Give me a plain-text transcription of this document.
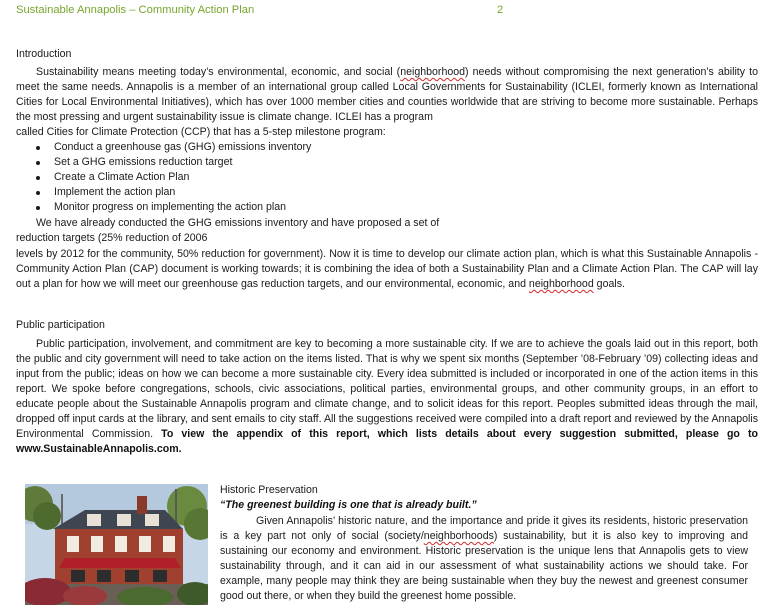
Sustainable Annapolis – Community Action Plan	2
Introduction
Sustainability means meeting today’s environmental, economic, and social (neighborhood) needs without compromising the next generation’s ability to meet the same needs. Annapolis is a member of an international group called Local Governments for Sustainability (ICLEI, formerly known as International Cities for Local Environmental Initiatives), which has over 1000 member cities and counties worldwide that are striving to become more sustainable. Perhaps the most pressing and urgent sustainability issue is climate change. ICLEI has a program
called Cities for Climate Protection (CCP) that has a 5-step milestone program:
Conduct a greenhouse gas (GHG) emissions inventory
Set a GHG emissions reduction target
Create a Climate Action Plan
Implement the action plan
Monitor progress on implementing the action plan
We have already conducted the GHG emissions inventory and have proposed a set of
reduction targets (25% reduction of 2006
levels by 2012 for the community, 50% reduction for government). Now it is time to develop our climate action plan, which is what this Sustainable Annapolis - Community Action Plan (CAP) document is working towards; it is combining the idea of both a Sustainability Plan and a Climate Action Plan. The CAP will lay out a plan for how we will meet our greenhouse gas reduction targets, and our environmental, economic, and neighborhood goals.
Public participation
Public participation, involvement, and commitment are key to becoming a more sustainable city. If we are to achieve the goals laid out in this report, both the public and city government will need to take action on the items listed. That is why we spent six months (September ’08-February ’09) collecting ideas and input from the public; ideas on how we can become a more sustainable city. Every idea submitted is included or incorporated in one of the action items in this report. We spoke before congregations, schools, civic associations, political parties, environmental groups, and other community groups, in an effort to educate people about the Sustainable Annapolis program and climate change, and to solicit ideas for this report. Peoples submitted ideas through the mail, dropped off input cards at the library, and sent emails to city staff. All the suggestions received were compiled into a draft report and reviewed by the Annapolis Environmental Commission. To view the appendix of this report, which lists details about every suggestion submitted, please go to www.SustainableAnnapolis.com.
Historic Preservation
“The greenest building is one that is already built.”
Given Annapolis’ historic nature, and the importance and pride it gives its residents, historic preservation is a key part not only of social (society/neighborhoods) sustainability, but it is also key to improving and sustaining our economy and environment. Historic preservation is the unique lens that Annapolis gets to view sustainability through, and it can aid in our assessment of what sustainability actions we should take. For example, many people may think they are being sustainable when they buy the newest and greenest consumer good out there, or when they build the greenest home possible.
